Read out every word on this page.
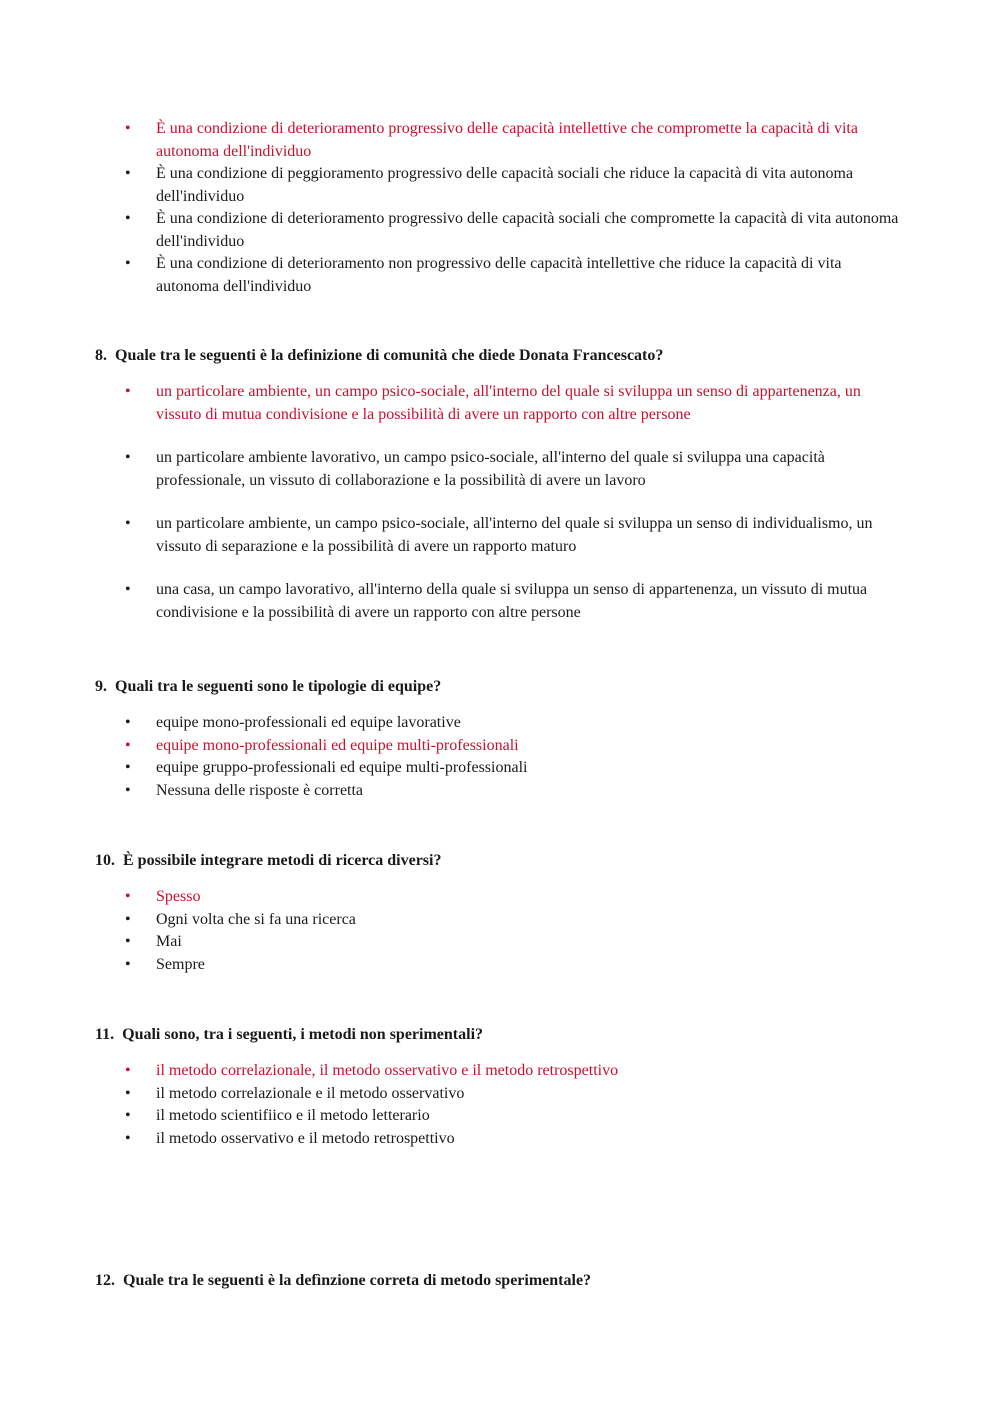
• È una condizione di deterioramento progressivo delle capacità intellettive che compromette la capacità di vita autonoma dell'individuo
• È una condizione di peggioramento progressivo delle capacità sociali che riduce la capacità di vita autonoma dell'individuo
• È una condizione di deterioramento progressivo delle capacità sociali che compromette la capacità di vita autonoma dell'individuo
• È una condizione di deterioramento non progressivo delle capacità intellettive che riduce la capacità di vita autonoma dell'individuo
8. Quale tra le seguenti è la definizione di comunità che diede Donata Francescato?
• un particolare ambiente, un campo psico-sociale, all'interno del quale si sviluppa un senso di appartenenza, un vissuto di mutua condivisione e la possibilità di avere un rapporto con altre persone
• un particolare ambiente lavorativo, un campo psico-sociale, all'interno del quale si sviluppa una capacità professionale, un vissuto di collaborazione e la possibilità di avere un lavoro
• un particolare ambiente, un campo psico-sociale, all'interno del quale si sviluppa un senso di individualismo, un vissuto di separazione e la possibilità di avere un rapporto maturo
• una casa, un campo lavorativo, all'interno della quale si sviluppa un senso di appartenenza, un vissuto di mutua condivisione e la possibilità di avere un rapporto con altre persone
9. Quali tra le seguenti sono le tipologie di equipe?
• equipe mono-professionali ed equipe lavorative
• equipe mono-professionali ed equipe multi-professionali
• equipe gruppo-professionali ed equipe multi-professionali
• Nessuna delle risposte è corretta
10. È possibile integrare metodi di ricerca diversi?
• Spesso
• Ogni volta che si fa una ricerca
• Mai
• Sempre
11. Quali sono, tra i seguenti, i metodi non sperimentali?
• il metodo correlazionale, il metodo osservativo e il metodo retrospettivo
• il metodo correlazionale e il metodo osservativo
• il metodo scientifiico e il metodo letterario
• il metodo osservativo e il metodo retrospettivo
12. Quale tra le seguenti è la defìnzione correta di metodo sperimentale?
